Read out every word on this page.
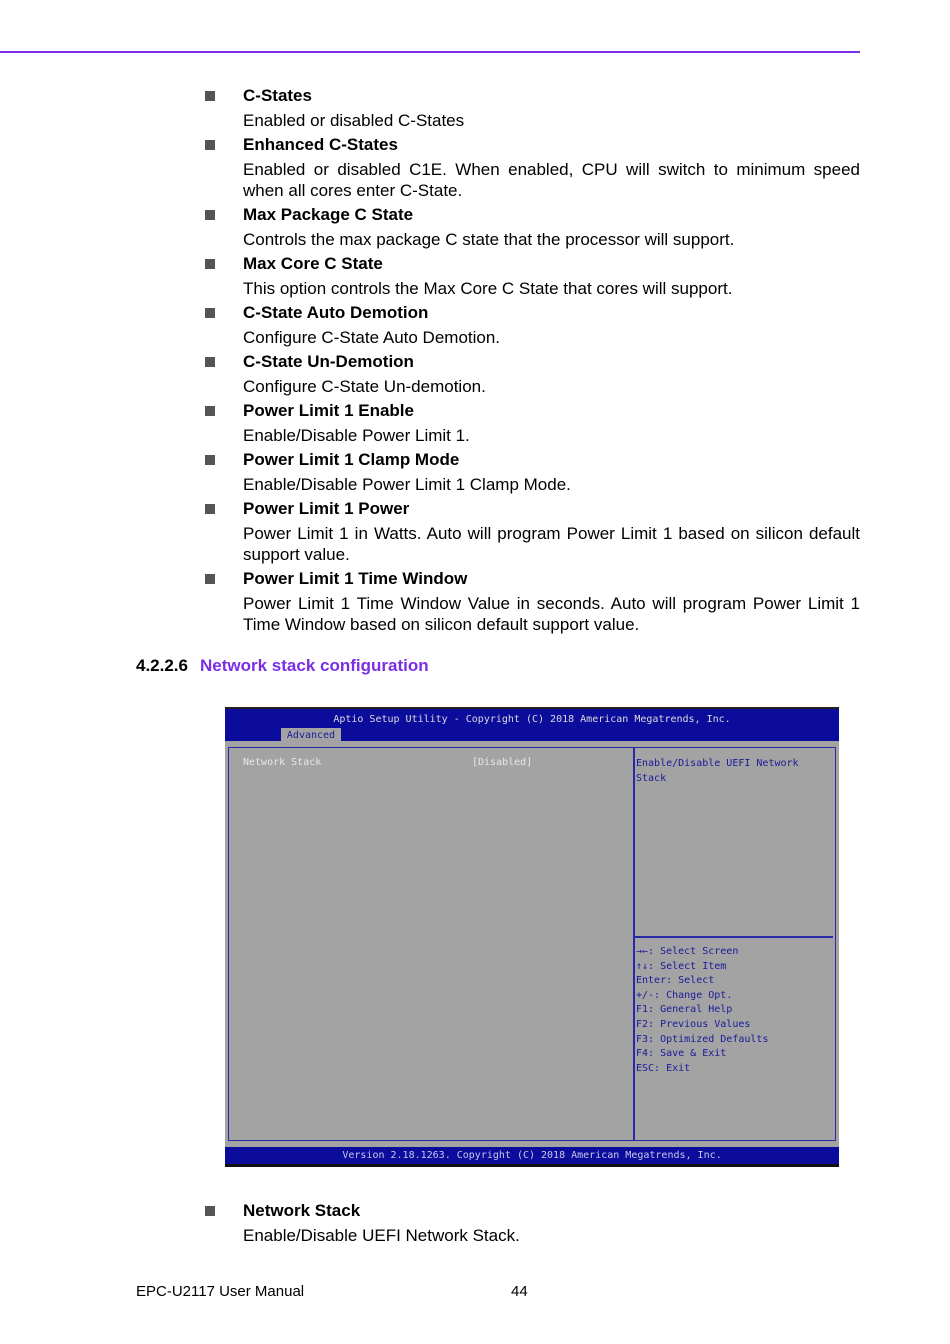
C-States
Enabled or disabled C-States
Enhanced C-States
Enabled or disabled C1E. When enabled, CPU will switch to minimum speed when all cores enter C-State.
Max Package C State
Controls the max package C state that the processor will support.
Max Core C State
This option controls the Max Core C State that cores will support.
C-State Auto Demotion
Configure C-State Auto Demotion.
C-State Un-Demotion
Configure C-State Un-demotion.
Power Limit 1 Enable
Enable/Disable Power Limit 1.
Power Limit 1 Clamp Mode
Enable/Disable Power Limit 1 Clamp Mode.
Power Limit 1 Power
Power Limit 1 in Watts. Auto will program Power Limit 1 based on silicon default support value.
Power Limit 1 Time Window
Power Limit 1 Time Window Value in seconds. Auto will program Power Limit 1 Time Window based on silicon default support value.
4.2.2.6 Network stack configuration
Aptio Setup Utility - Copyright (C) 2018 American Megatrends, Inc.
Advanced
Network Stack	[Disabled]	Enable/Disable UEFI Network Stack
→←: Select Screen
↑↓: Select Item
Enter: Select
+/-: Change Opt.
F1: General Help
F2: Previous Values
F3: Optimized Defaults
F4: Save & Exit
ESC: Exit
Version 2.18.1263. Copyright (C) 2018 American Megatrends, Inc.
Network Stack
Enable/Disable UEFI Network Stack.
EPC-U2117 User Manual	44
